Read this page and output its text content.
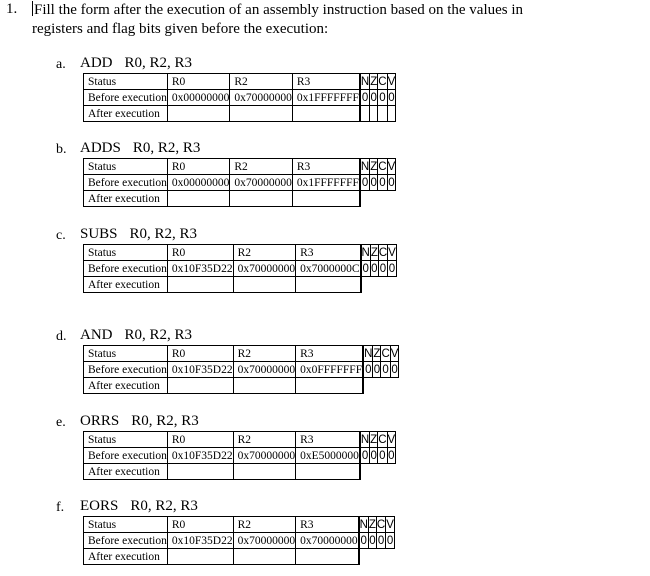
1. Fill the form after the execution of an assembly instruction based on the values in registers and flag bits given before the execution:
a. ADD R0, R2, R3
Status	R0	R2	R3		N	Z	C	V
Before execution	0x00000000	0x70000000	0x1FFFFFFF		0	0	0	0
After execution								
b. ADDS R0, R2, R3
Status	R0	R2	R3		N	Z	C	V
Before execution	0x00000000	0x70000000	0x1FFFFFFF		0	0	0	0
After execution								
c. SUBS R0, R2, R3
Status	R0	R2	R3		N	Z	C	V
Before execution	0x10F35D22	0x70000000	0x7000000C		0	0	0	0
After execution								
d. AND R0, R2, R3
Status	R0	R2	R3		N	Z	C	V
Before execution	0x10F35D22	0x70000000	0x0FFFFFFF		0	0	0	0
After execution								
e. ORRS R0, R2, R3
Status	R0	R2	R3		N	Z	C	V
Before execution	0x10F35D22	0x70000000	0xE5000000		0	0	0	0
After execution								
f. EORS R0, R2, R3
Status	R0	R2	R3		N	Z	C	V
Before execution	0x10F35D22	0x70000000	0x70000000		0	0	0	0
After execution								
